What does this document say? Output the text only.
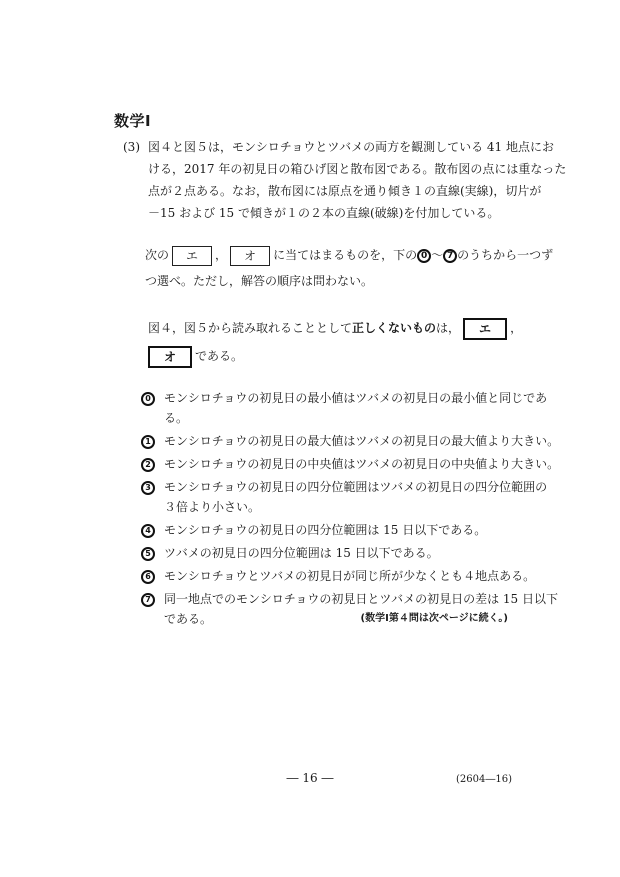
数学Ⅰ
(3) 図４と図５は，モンシロチョウとツバメの両方を観測している 41 地点にお
ける，2017 年の初見日の箱ひげ図と散布図である。散布図の点には重なった
点が２点ある。なお，散布図には原点を通り傾き１の直線(実線)，切片が
－15 および 15 で傾きが１の２本の直線(破線)を付加している。
次の エ ， オ に当てはまるものを，下の 0 ～ 7 のうちから一つず
つ選べ。ただし，解答の順序は問わない。
図４，図５から読み取れることとして正しくないものは， エ ，
オ である。
0	モンシロチョウの初見日の最小値はツバメの初見日の最小値と同じであ
る。
1	モンシロチョウの初見日の最大値はツバメの初見日の最大値より大きい。
2	モンシロチョウの初見日の中央値はツバメの初見日の中央値より大きい。
3	モンシロチョウの初見日の四分位範囲はツバメの初見日の四分位範囲の
３倍より小さい。
4	モンシロチョウの初見日の四分位範囲は 15 日以下である。
5	ツバメの初見日の四分位範囲は 15 日以下である。
6	モンシロチョウとツバメの初見日が同じ所が少なくとも４地点ある。
7	同一地点でのモンシロチョウの初見日とツバメの初見日の差は 15 日以下
である。	(数学Ⅰ第４問は次ページに続く。)
― 16 ―	(2604―16)
